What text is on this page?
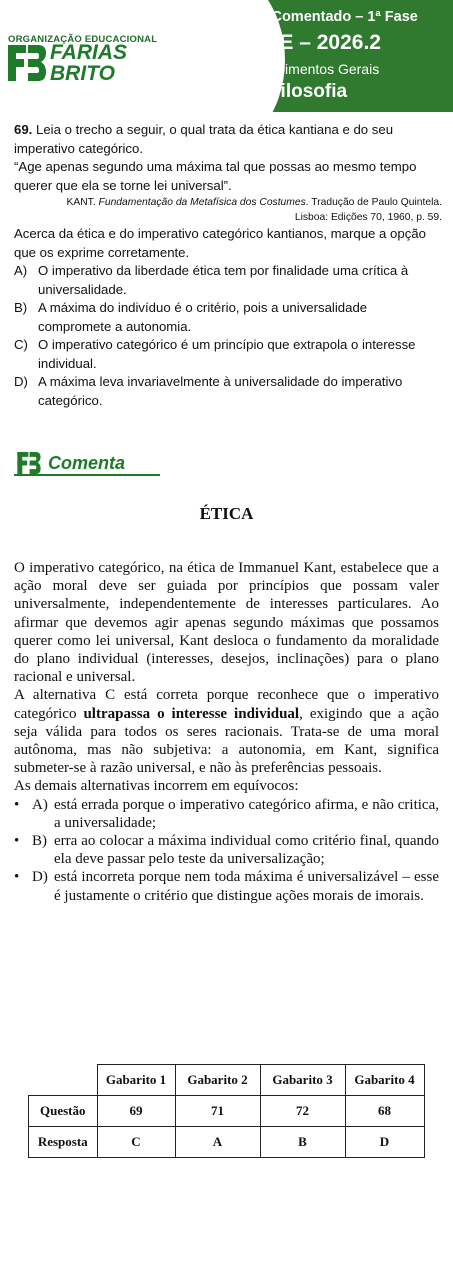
ORGANIZAÇÃO EDUCACIONAL
FARIAS
BRITO
Vestibular Comentado – 1ª Fase
UECE – 2026.2
Conhecimentos Gerais
Filosofia

69. Leia o trecho a seguir, o qual trata da ética kantiana e do seu imperativo categórico.

“Age apenas segundo uma máxima tal que possas ao mesmo tempo querer que ela se torne lei universal”.

KANT. Fundamentação da Metafísica dos Costumes. Tradução de Paulo Quintela.
Lisboa: Edições 70, 1960, p. 59.

Acerca da ética e do imperativo categórico kantianos, marque a opção que os exprime corretamente.

A) O imperativo da liberdade ética tem por finalidade uma crítica à universalidade.
B) A máxima do indivíduo é o critério, pois a universalidade compromete a autonomia.
C) O imperativo categórico é um princípio que extrapola o interesse individual.
D) A máxima leva invariavelmente à universalidade do imperativo categórico.
Comenta
ÉTICA

O imperativo categórico, na ética de Immanuel Kant, estabelece que a ação moral deve ser guiada por princípios que possam valer universalmente, independentemente de interesses particulares. Ao afirmar que devemos agir apenas segundo máximas que possamos querer como lei universal, Kant desloca o fundamento da moralidade do plano individual (interesses, desejos, inclinações) para o plano racional e universal.

A alternativa C está correta porque reconhece que o imperativo categórico ultrapassa o interesse individual, exigindo que a ação seja válida para todos os seres racionais. Trata-se de uma moral autônoma, mas não subjetiva: a autonomia, em Kant, significa submeter-se à razão universal, e não às preferências pessoais.

As demais alternativas incorrem em equívocos:

• A) está errada porque o imperativo categórico afirma, e não critica, a universalidade;
• B) erra ao colocar a máxima individual como critério final, quando ela deve passar pelo teste da universalização;
• D) está incorreta porque nem toda máxima é universalizável – esse é justamente o critério que distingue ações morais de imorais.
	Gabarito 1	Gabarito 2	Gabarito 3	Gabarito 4
Questão	69	71	72	68
Resposta	C	A	B	D
